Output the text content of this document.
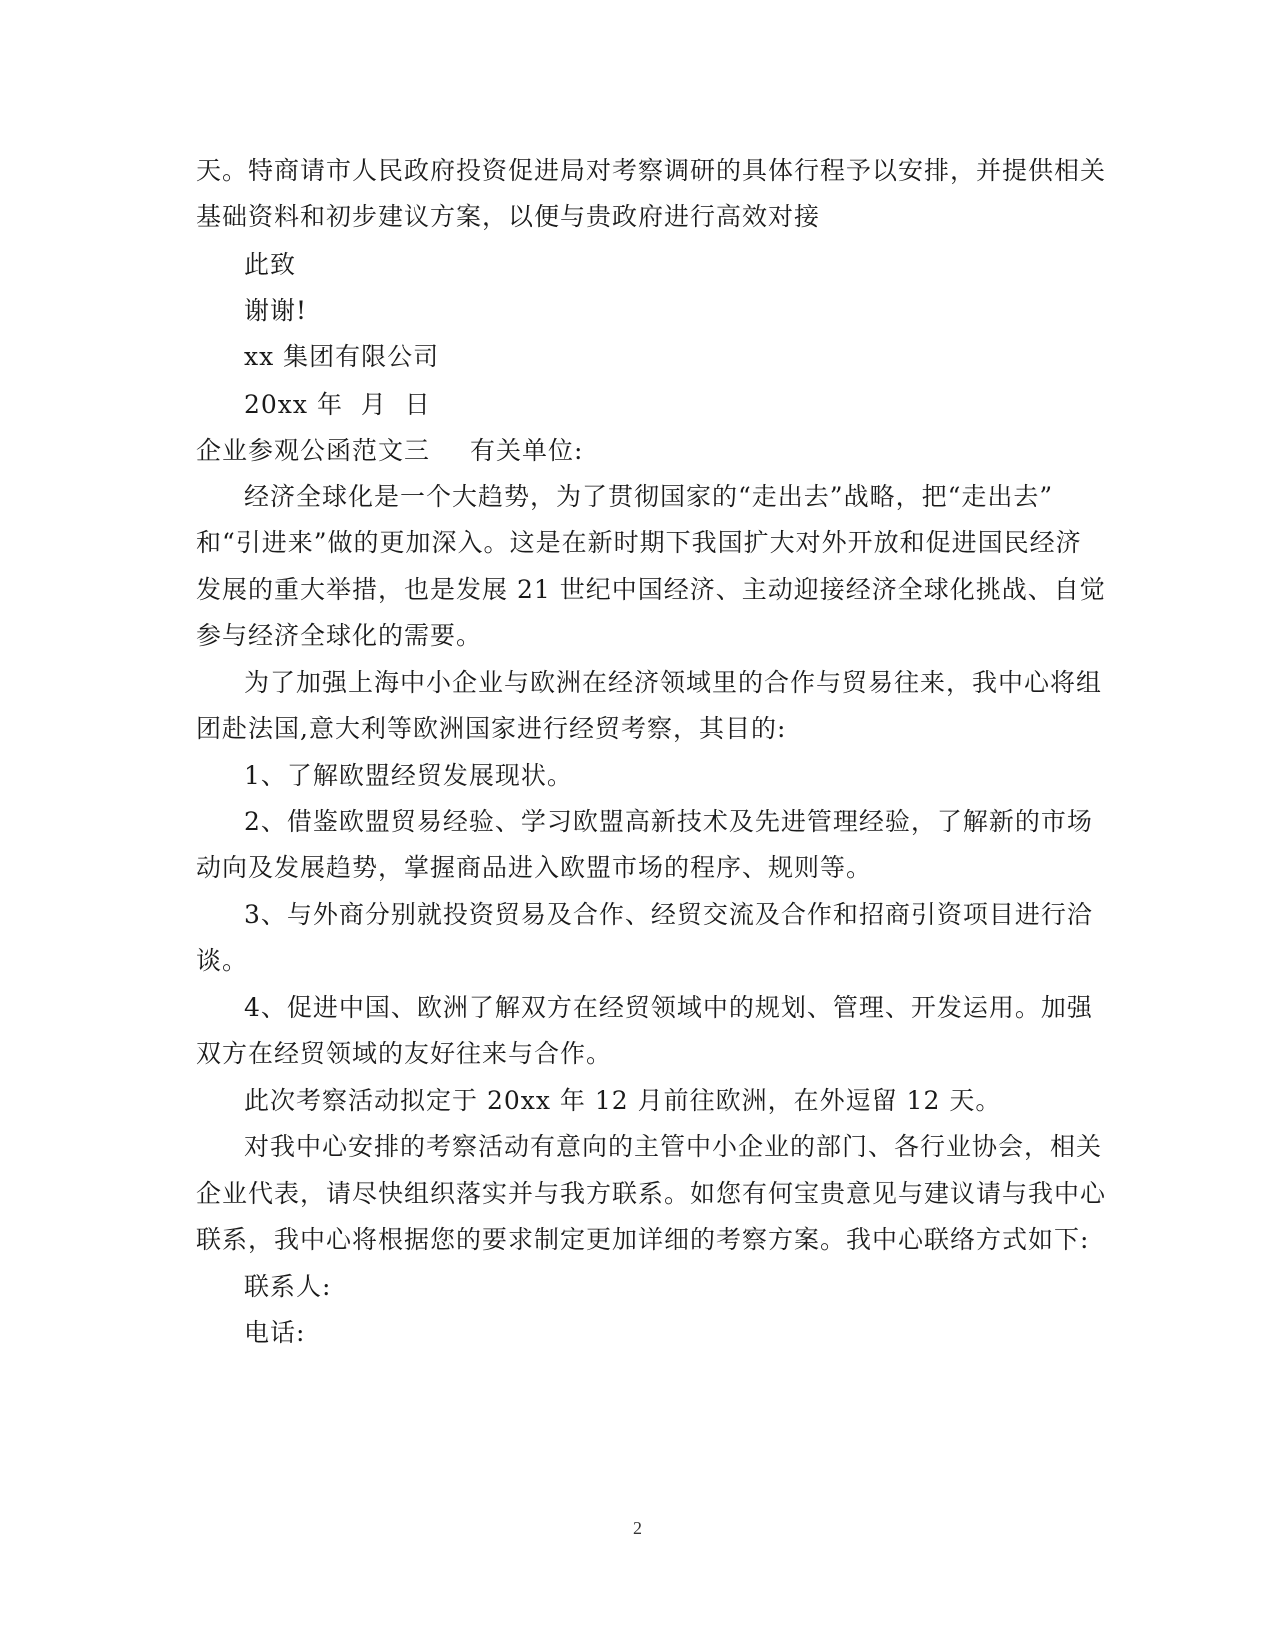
天。特商请市人民政府投资促进局对考察调研的具体行程予以安排，并提供相关
基础资料和初步建议方案，以便与贵政府进行高效对接
此致
谢谢!
xx 集团有限公司
20xx 年  月  日
企业参观公函范文三 有关单位:
经济全球化是一个大趋势，为了贯彻国家的“走出去”战略，把“走出去”
和“引进来”做的更加深入。这是在新时期下我国扩大对外开放和促进国民经济
发展的重大举措，也是发展 21 世纪中国经济、主动迎接经济全球化挑战、自觉
参与经济全球化的需要。
为了加强上海中小企业与欧洲在经济领域里的合作与贸易往来，我中心将组
团赴法国,意大利等欧洲国家进行经贸考察，其目的:
1、了解欧盟经贸发展现状。
2、借鉴欧盟贸易经验、学习欧盟高新技术及先进管理经验，了解新的市场
动向及发展趋势，掌握商品进入欧盟市场的程序、规则等。
3、与外商分别就投资贸易及合作、经贸交流及合作和招商引资项目进行洽
谈。
4、促进中国、欧洲了解双方在经贸领域中的规划、管理、开发运用。加强
双方在经贸领域的友好往来与合作。
此次考察活动拟定于 20xx 年 12 月前往欧洲，在外逗留 12 天。
对我中心安排的考察活动有意向的主管中小企业的部门、各行业协会，相关
企业代表，请尽快组织落实并与我方联系。如您有何宝贵意见与建议请与我中心
联系，我中心将根据您的要求制定更加详细的考察方案。我中心联络方式如下:
联系人:
电话:
2
